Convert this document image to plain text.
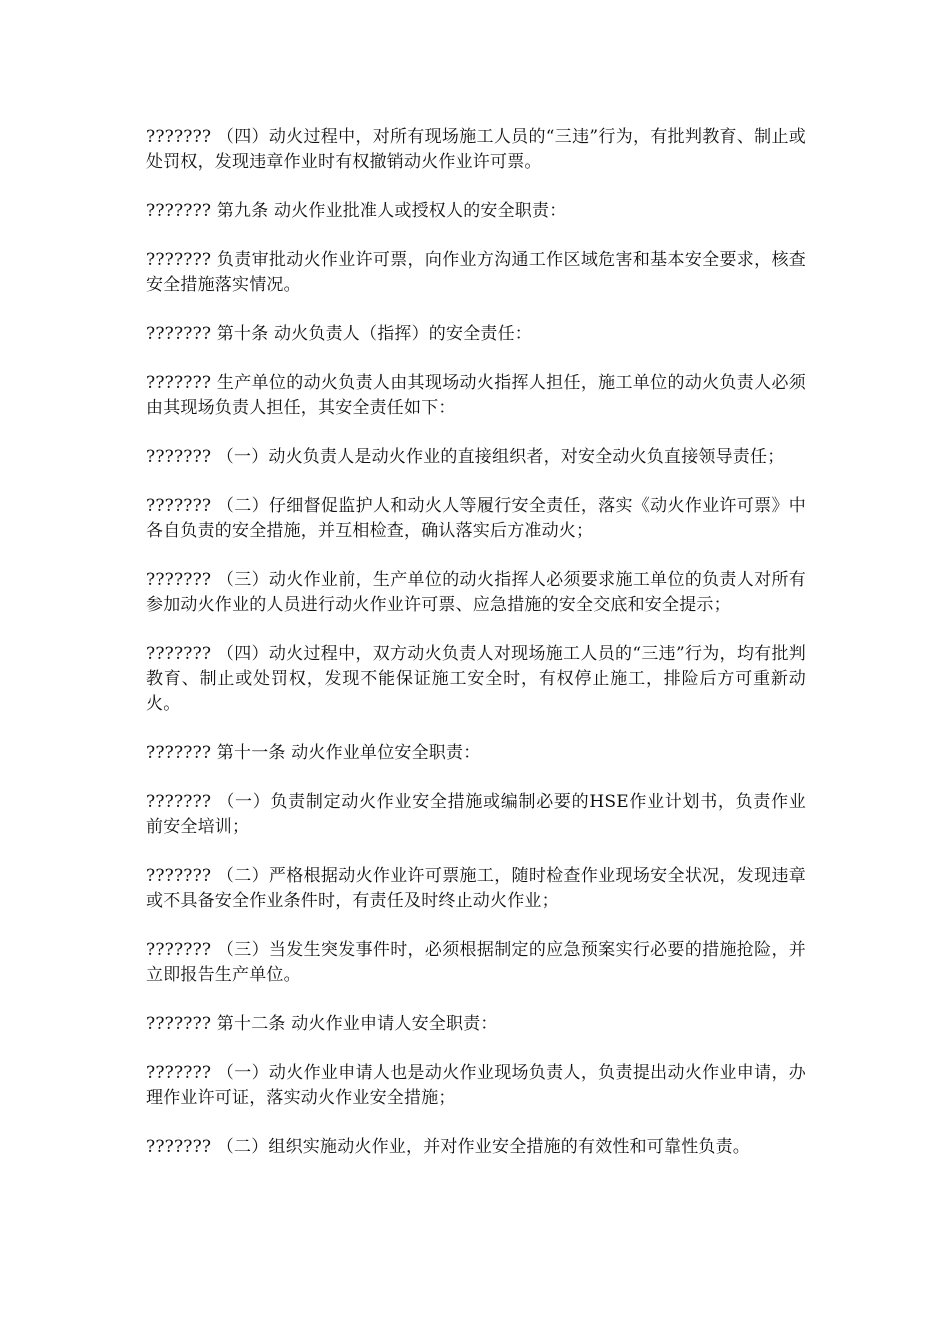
??????? （四）动火过程中，对所有现场施工人员的“三违”行为，有批判教育、制止或处罚权，发现违章作业时有权撤销动火作业许可票。

??????? 第九条 动火作业批准人或授权人的安全职责：

??????? 负责审批动火作业许可票，向作业方沟通工作区域危害和基本安全要求，核查安全措施落实情况。

??????? 第十条 动火负责人（指挥）的安全责任：

??????? 生产单位的动火负责人由其现场动火指挥人担任，施工单位的动火负责人必须由其现场负责人担任，其安全责任如下：

??????? （一）动火负责人是动火作业的直接组织者，对安全动火负直接领导责任；

??????? （二）仔细督促监护人和动火人等履行安全责任，落实《动火作业许可票》中各自负责的安全措施，并互相检查，确认落实后方准动火；

??????? （三）动火作业前，生产单位的动火指挥人必须要求施工单位的负责人对所有参加动火作业的人员进行动火作业许可票、应急措施的安全交底和安全提示；

??????? （四）动火过程中，双方动火负责人对现场施工人员的“三违”行为，均有批判教育、制止或处罚权，发现不能保证施工安全时，有权停止施工，排险后方可重新动火。

??????? 第十一条 动火作业单位安全职责：

??????? （一）负责制定动火作业安全措施或编制必要的HSE作业计划书，负责作业前安全培训；

??????? （二）严格根据动火作业许可票施工，随时检查作业现场安全状况，发现违章或不具备安全作业条件时，有责任及时终止动火作业；

??????? （三）当发生突发事件时，必须根据制定的应急预案实行必要的措施抢险，并立即报告生产单位。

??????? 第十二条 动火作业申请人安全职责：

??????? （一）动火作业申请人也是动火作业现场负责人，负责提出动火作业申请，办理作业许可证，落实动火作业安全措施；

??????? （二）组织实施动火作业，并对作业安全措施的有效性和可靠性负责。
